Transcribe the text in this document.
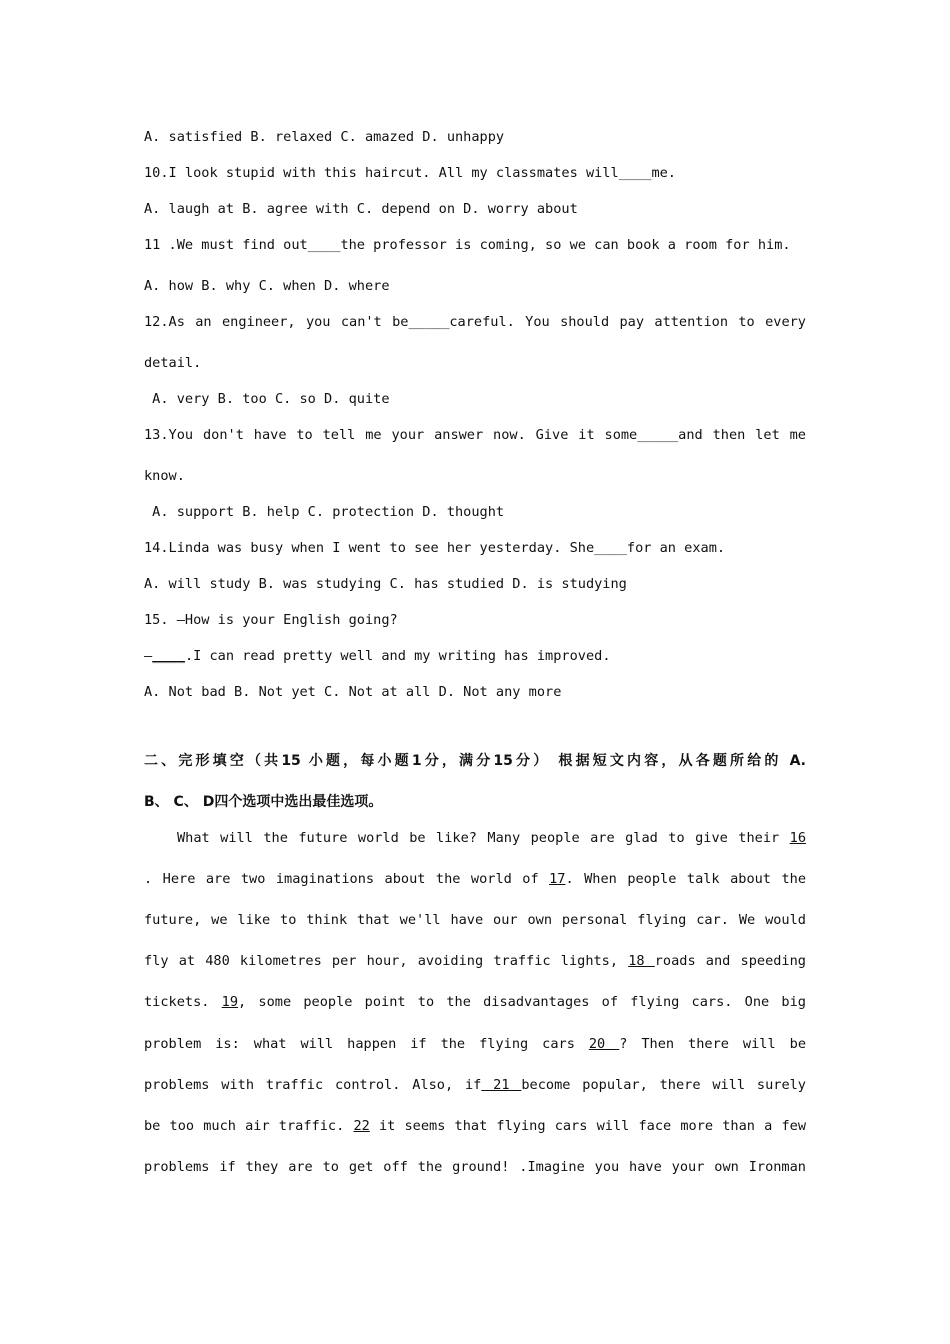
A. satisfied B. relaxed C. amazed D. unhappy

10.I look stupid with this haircut. All my classmates will____me.

A. laugh at B. agree with C. depend on D. worry about

11 .We must find out____the professor is coming, so we can book a room for him.

A. how B. why C. when D. where

12.As an engineer, you can't be_____careful. You should pay attention to every

detail.

A. very B. too C. so D. quite

13.You don't have to tell me your answer now. Give it some_____and then let me

know.

A. support B. help C. protection D. thought

14.Linda was busy when I went to see her yesterday. She____for an exam.

A. will study B. was studying C. has studied D. is studying

15. —How is your English going?

—____.I can read pretty well and my writing has improved.

A. Not bad B. Not yet C. Not at all D. Not any more

二、完形填空（共15 小题，每小题1分，满分15分） 根据短文内容，从各题所给的 A.

B、 C、 D四个选项中选出最佳选项。

What will the future world be like? Many people are glad to give their 16

. Here are two imaginations about the world of 17. When people talk about the

future, we like to think that we'll have our own personal flying car. We would

fly at 480 kilometres per hour, avoiding traffic lights, 18 roads and speeding

tickets. 19, some people point to the disadvantages of flying cars. One big

problem is: what will happen if the flying cars 20 ? Then there will be

problems with traffic control. Also, if 21 become popular, there will surely

be too much air traffic. 22 it seems that flying cars will face more than a few

problems if they are to get off the ground! .Imagine you have your own Ironman
